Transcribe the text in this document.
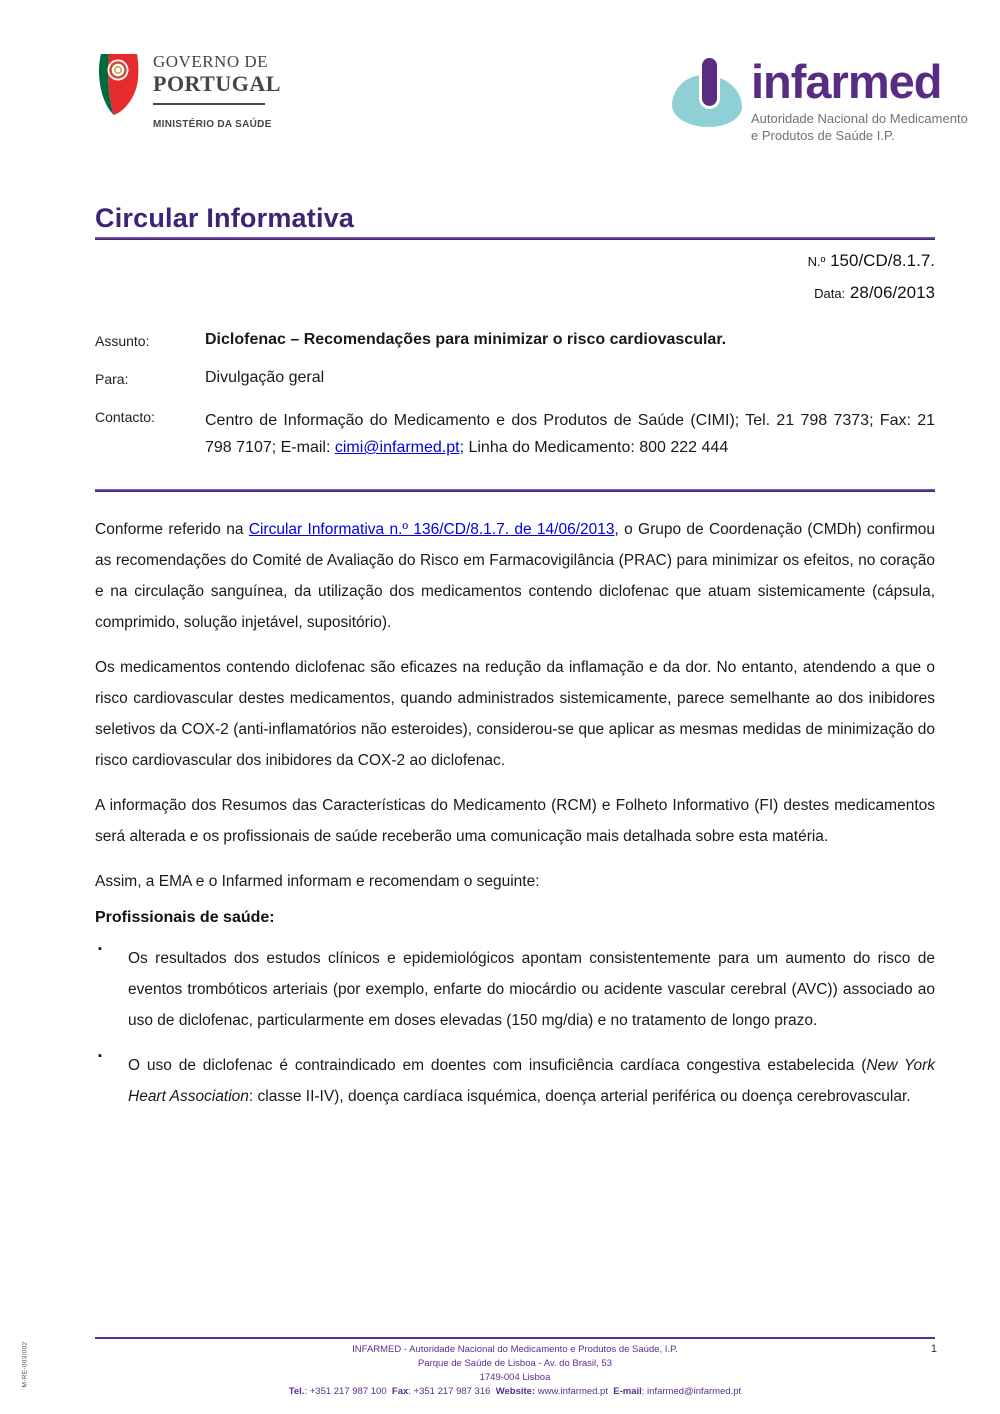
GOVERNO DE
PORTUGAL
MINISTÉRIO DA SAÚDE
infarmed
Autoridade Nacional do Medicamento
e Produtos de Saúde I.P.
Circular Informativa
N.º 150/CD/8.1.7.
Data: 28/06/2013
Assunto:	Diclofenac – Recomendações para minimizar o risco cardiovascular.
Para:	Divulgação geral
Contacto:	Centro de Informação do Medicamento e dos Produtos de Saúde (CIMI); Tel. 21 798 7373; Fax: 21 798 7107; E-mail: cimi@infarmed.pt; Linha do Medicamento: 800 222 444

Conforme referido na Circular Informativa n.º 136/CD/8.1.7. de 14/06/2013, o Grupo de Coordenação (CMDh) confirmou as recomendações do Comité de Avaliação do Risco em Farmacovigilância (PRAC) para minimizar os efeitos, no coração e na circulação sanguínea, da utilização dos medicamentos contendo diclofenac que atuam sistemicamente (cápsula, comprimido, solução injetável, supositório).

Os medicamentos contendo diclofenac são eficazes na redução da inflamação e da dor. No entanto, atendendo a que o risco cardiovascular destes medicamentos, quando administrados sistemicamente, parece semelhante ao dos inibidores seletivos da COX-2 (anti-inflamatórios não esteroides), considerou-se que aplicar as mesmas medidas de minimização do risco cardiovascular dos inibidores da COX-2 ao diclofenac.

A informação dos Resumos das Características do Medicamento (RCM) e Folheto Informativo (FI) destes medicamentos será alterada e os profissionais de saúde receberão uma comunicação mais detalhada sobre esta matéria.

Assim, a EMA e o Infarmed informam e recomendam o seguinte:

Profissionais de saúde:
▪

Os resultados dos estudos clínicos e epidemiológicos apontam consistentemente para um aumento do risco de eventos trombóticos arteriais (por exemplo, enfarte do miocárdio ou acidente vascular cerebral (AVC)) associado ao uso de diclofenac, particularmente em doses elevadas (150 mg/dia) e no tratamento de longo prazo.

▪

O uso de diclofenac é contraindicado em doentes com insuficiência cardíaca congestiva estabelecida (New York Heart Association: classe II-IV), doença cardíaca isquémica, doença arterial periférica ou doença cerebrovascular.

INFARMED - Autoridade Nacional do Medicamento e Produtos de Saúde, I.P.
Parque de Saúde de Lisboa - Av. do Brasil, 53
1749-004 Lisboa
Tel.: +351 217 987 100  Fax: +351 217 987 316  Website: www.infarmed.pt  E-mail: infarmed@infarmed.pt
1
M-RE-003/002
